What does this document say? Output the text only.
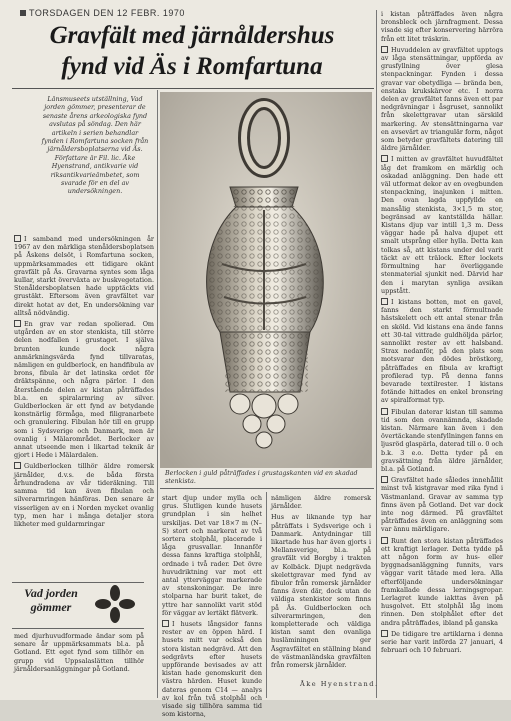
TORSDAGEN DEN 12 FEBR. 1970
Gravfält med järnåldershus
fynd vid Äs i Romfartuna

Länsmuseets utställning, Vad jorden gömmer, presenterar de senaste årens arkeologiska fynd avslutas på söndag. Den här artikeln i serien behandlar fynden i Romfartuna socken från järnåldersboplatserna vid Äs. Författare är Fil. lic. Åke Hyenstrand, antikvarie vid riksantikvarieämbetet, som svarade för en del av undersökningen.

I samband med undersökningen år 1967 av den märkliga stenåldersboplatsen på Åskens delsöt, i Romfartuna socken, uppmärksammades ett tidigare okänt gravfält på Äs. Gravarna syntes som låga kullar, starkt överväxta av buskvegetation. Stenåldersboplatsen hade upptäckts vid grustäkt. Eftersom även gravfältet var direkt hotat av det, En undersökning var alltså nödvändig.

En grav var redan spolierad. Om utgården av en stor stenkista, till större delen nodfallen i grustaget. I själva brunten kunde dock några anmärkningsvärda fynd tillvaratas, nämligen en guldberlock, en handfibula av brons, fibula är det latinska ordet för dräktspänne, och några pärlor. I den återstående delen av kistan påträffades bl.a. en spiralarmring av silver. Guldberlocken är ett fynd av betydande konstnärlig förmåga, med filigranarbete och granulering. Fibulan hör till en grupp som i Sydsverige och Danmark, men är ovanlig i Mälarområdet. Berlocker av annat utseende men i likartad teknik är gjort i Hede i Mälardalen.

Guldberlocken tillhör äldre romersk järnålder, d.v.s. de båda första århundradena av vår tideräkning. Till samma tid kan även fibulan och silverarmringen hänföras. Den senare är visserligen av en i Norden mycket ovanlig typ, men har i många detaljer stora likheter med guldarmringar

Berlocken i guld påträffades i grustagskanten vid en skadad stenkista.

start djup under mylla och grus. Slutligen kunde husets grundplan i sin helhet urskiljas. Det var 18×7 m (N–S) stort och markerat av två sortera stolphål, placerade i låga grusvallar. Innanför dessa fanns kraftiga stolphål, ordnade i två rader. Det övre huvudriktning var mot ett antal ytterväggar markerade av stenskoningar. De inre stolparna har burit taket, de yttre har sannolikt varit stöd för väggar av lertäkt flätverk.

I husets långsidor fanns rester av en öppen härd. I husets mitt var också den stora kistan nedgrävd. Att den sedgrävts efter husets uppförande bevisades av att kistan hade genomskurit den västra härden. Huset kunde dateras genom C14 — analys av kol från två stolphål och visade sig tillhöra samma tid som kistorna,

nämligen äldre romersk järnålder.

Hus av liknande typ har påträffats i Sydsverige och i Danmark. Antydningar till likartade hus har även gjorts i Mellansverige, bl.a. på gravfält vid Borgby i trakten av Kolbäck. Djupt nedgrävda skelettgravar med fynd av fibulor från romersk järnålder fanns även där, dock utan de väldiga stenkistor som finns på Äs. Guldberlocken och silverarmringen, den kompletterade och väldiga kistan samt den ovanliga husläminingen ger Åsgravfältet en ställning bland de västmanländska gravfälten från romersk järnålder.

Åke Hyenstrand.

Vad jorden gömmer

med djurhuvudformade ändar som på senare år uppmärksammats bl.a. på Gotland. Ett eget fynd som tillhör en grupp vid Uppsalaslätten tillhör järnåldersanläggningar på Gotland.

i kistan påträffades även några bronsbleck och järnfragment. Dessa visade sig efter konservering härröra från ett litet träskrin.

Huvuddelen av gravfältet upptogs av låga stensättningar, uppförda av grusfyllning över glesa stenpackningar. Fynden i dessa gravar var obetydliga — brända ben, enstaka krukskärvor etc. I norra delen av gravfältet fanns även ett par nedgrävningar i åsgruset, sannolikt från skelettgravar utan särskild markering. Av stensättningarna var en avsevärt av triangulär form, något som betyder gravfältets datering till äldre järnålder.

I mitten av gravfältet huvudfältet låg det framkom en märklig och oskadad anläggning. Den hade ett väl utformat dekor av en ovegbunden stenpackning, inajunken i mitten. Den ovan lagda uppfyllde en mansålig stenkista, 3×1,5 m stor, begränsad av kantställda hällar. Kistans djup var intill 1,3 m. Dess väggar hade på halva djupet ett smalt utsprång eller hylla. Detta kan tolkas så, att kistans under del varit täckt av ett trälock. Efter lockets förmultning har överliggande stenmaterial sjunkit ned. Därvid har den i marytan synliga avsikan uppstått.

I kistans botten, mot en gavel, fanns den starkt förmultnade hästskelett och ett antal stenar från en sköld. Vid kistans ena ände fanns ett 30-tal vittrade guldhöljda pärlor, sannolikt rester av ett halsband. Strax nedanför, på den plats som motsvarar den dödes bröstkorg, påträffades en fibula av kraftigt profilerad typ. På denna fanns bevarade textilrester. I kistans fotände hittades en enkel bronsring av spiralformat typ.

Fibulan daterar kistan till samma tid som den ovannämnda, skadade kistan. Närmare kan även i den övertäckande stenfyllningen fanns en ljusröd glaspärla, daterad till o. 0 och b.k. 3 e.o. Detta tyder på en gravsättning från äldre järnålder, bl.a. på Gotland.

Gravfältet hade således innehållit minst två kistgravar med rika fynd i Västmanland. Gravar av samma typ finns även på Gotland. Det var dock inte nog därmed. På gravfältet påträffades även en anläggning som var ännu märkligare.

Runt den stora kistan påträffades ett kraftigt lerlager. Detta tydde på att någon form av hus- eller byggnadsanläggning funnits, vars väggar varit tätade med lera. Alla efterföljande undersökningar framkallade dessa lerningsgropar. Lerlagret kunde iakttas även på husgolvet. Ett stolphål låg inom rinnen. Den stolphålet efter det andra påträffades, ibland på ganska

De tidigare tre artiklarna i denna serie har varit införda 27 januari, 4 februari och 10 februari.
